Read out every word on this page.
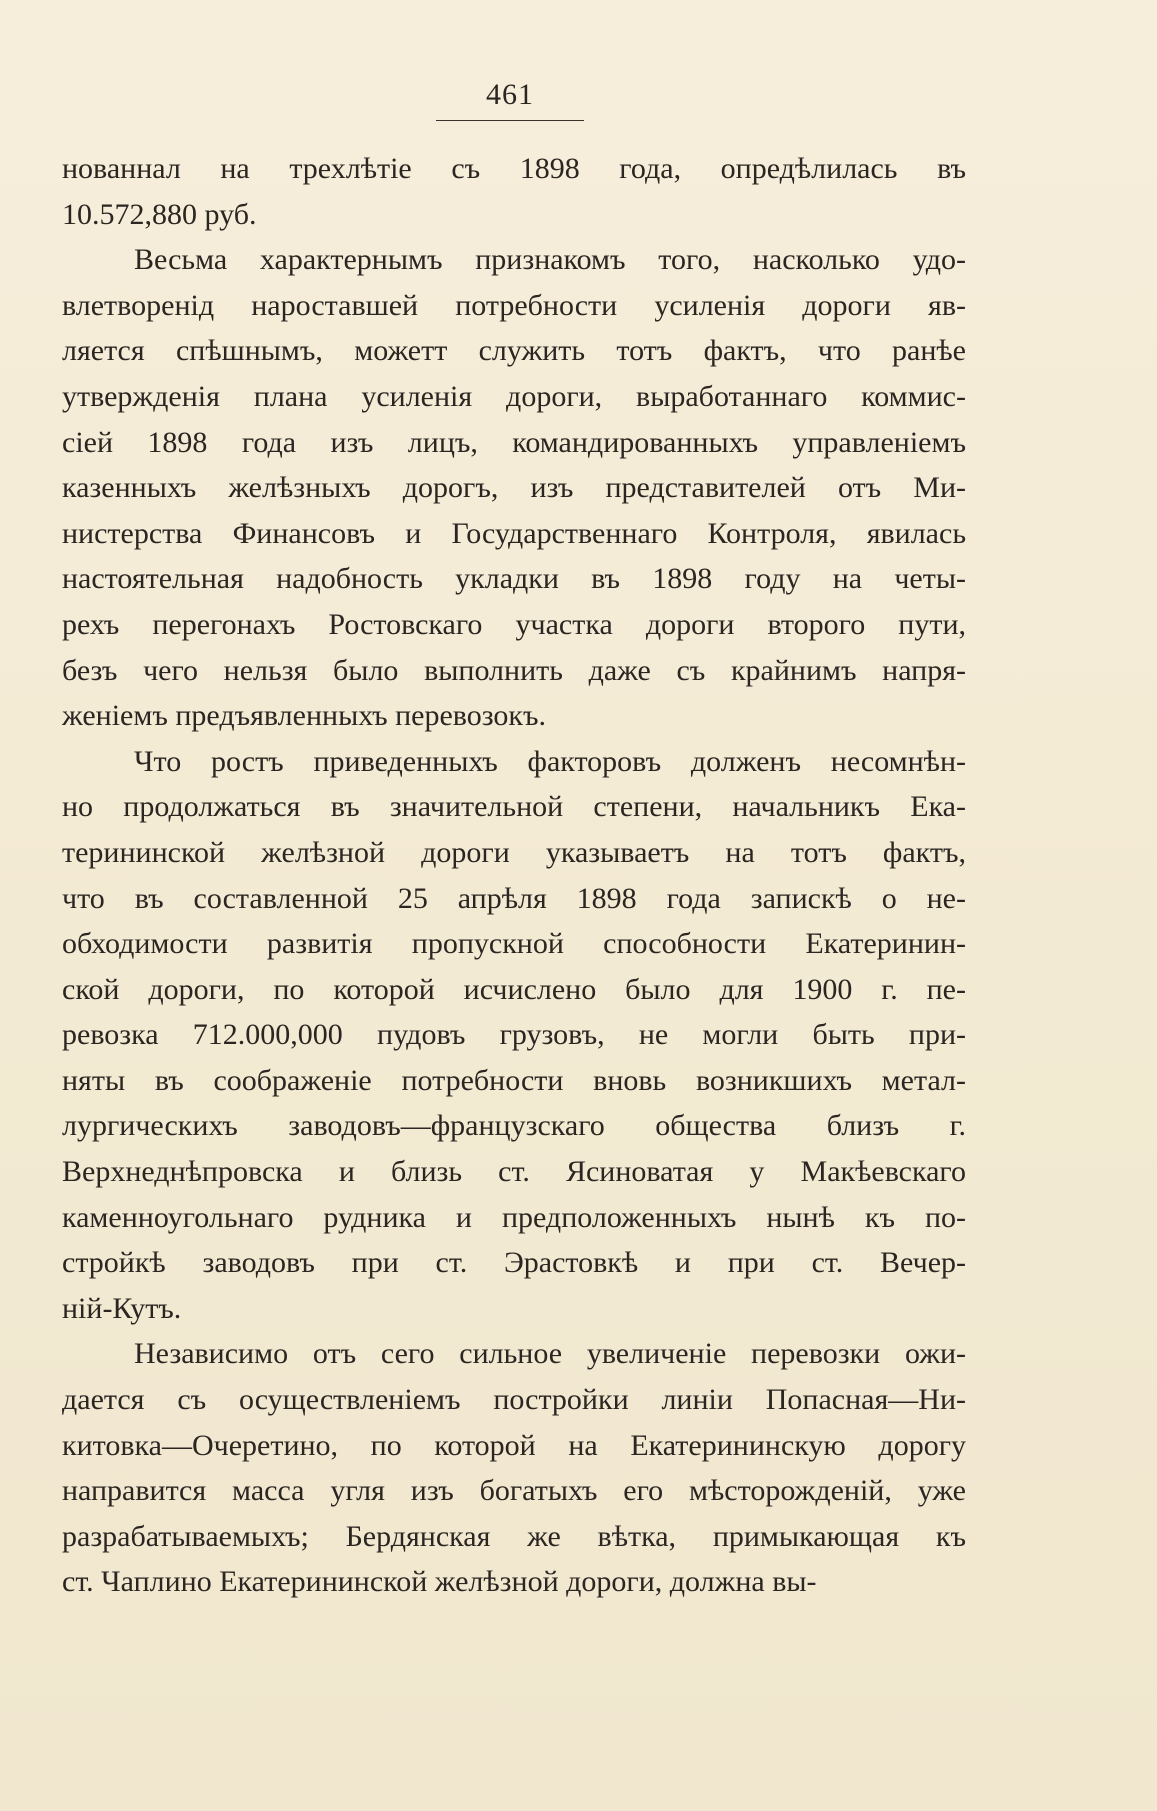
461
нованнал на трехлѣтіе съ 1898 года, опредѣлилась въ
10.572,880 руб.
Весьма характернымъ признакомъ того, насколько удо-
влетворенід нароставшей потребности усиленія дороги яв-
ляется спѣшнымъ, можетт служить тотъ фактъ, что ранѣе
утвержденія плана усиленія дороги, выработаннаго коммис-
сіей 1898 года изъ лицъ, командированныхъ управленіемъ
казенныхъ желѣзныхъ дорогъ, изъ представителей отъ Ми-
нистерства Финансовъ и Государственнаго Контроля, явилась
настоятельная надобность укладки въ 1898 году на четы-
рехъ перегонахъ Ростовскаго участка дороги второго пути,
безъ чего нельзя было выполнить даже съ крайнимъ напря-
женіемъ предъявленныхъ перевозокъ.
Что ростъ приведенныхъ факторовъ долженъ несомнѣн-
но продолжаться въ значительной степени, начальникъ Ека-
терининской желѣзной дороги указываетъ на тотъ фактъ,
что въ составленной 25 апрѣля 1898 года запискѣ о не-
обходимости развитія пропускной способности Екатеринин-
ской дороги, по которой исчислено было для 1900 г. пе-
ревозка 712.000,000 пудовъ грузовъ, не могли быть при-
няты въ соображеніе потребности вновь возникшихъ метал-
лургическихъ заводовъ—французскаго общества близъ г.
Верхнеднѣпровска и близь ст. Ясиноватая у Макѣевскаго
каменноугольнаго рудника и предположенныхъ нынѣ къ по-
стройкѣ заводовъ при ст. Эрастовкѣ и при ст. Вечер-
ній-Кутъ.
Независимо отъ сего сильное увеличеніе перевозки ожи-
дается съ осуществленіемъ постройки линіи Попасная—Ни-
китовка—Очеретино, по которой на Екатерининскую дорогу
направится масса угля изъ богатыхъ его мѣсторожденій, уже
разрабатываемыхъ; Бердянская же вѣтка, примыкающая къ
ст. Чаплино Екатерининской желѣзной дороги, должна вы-
